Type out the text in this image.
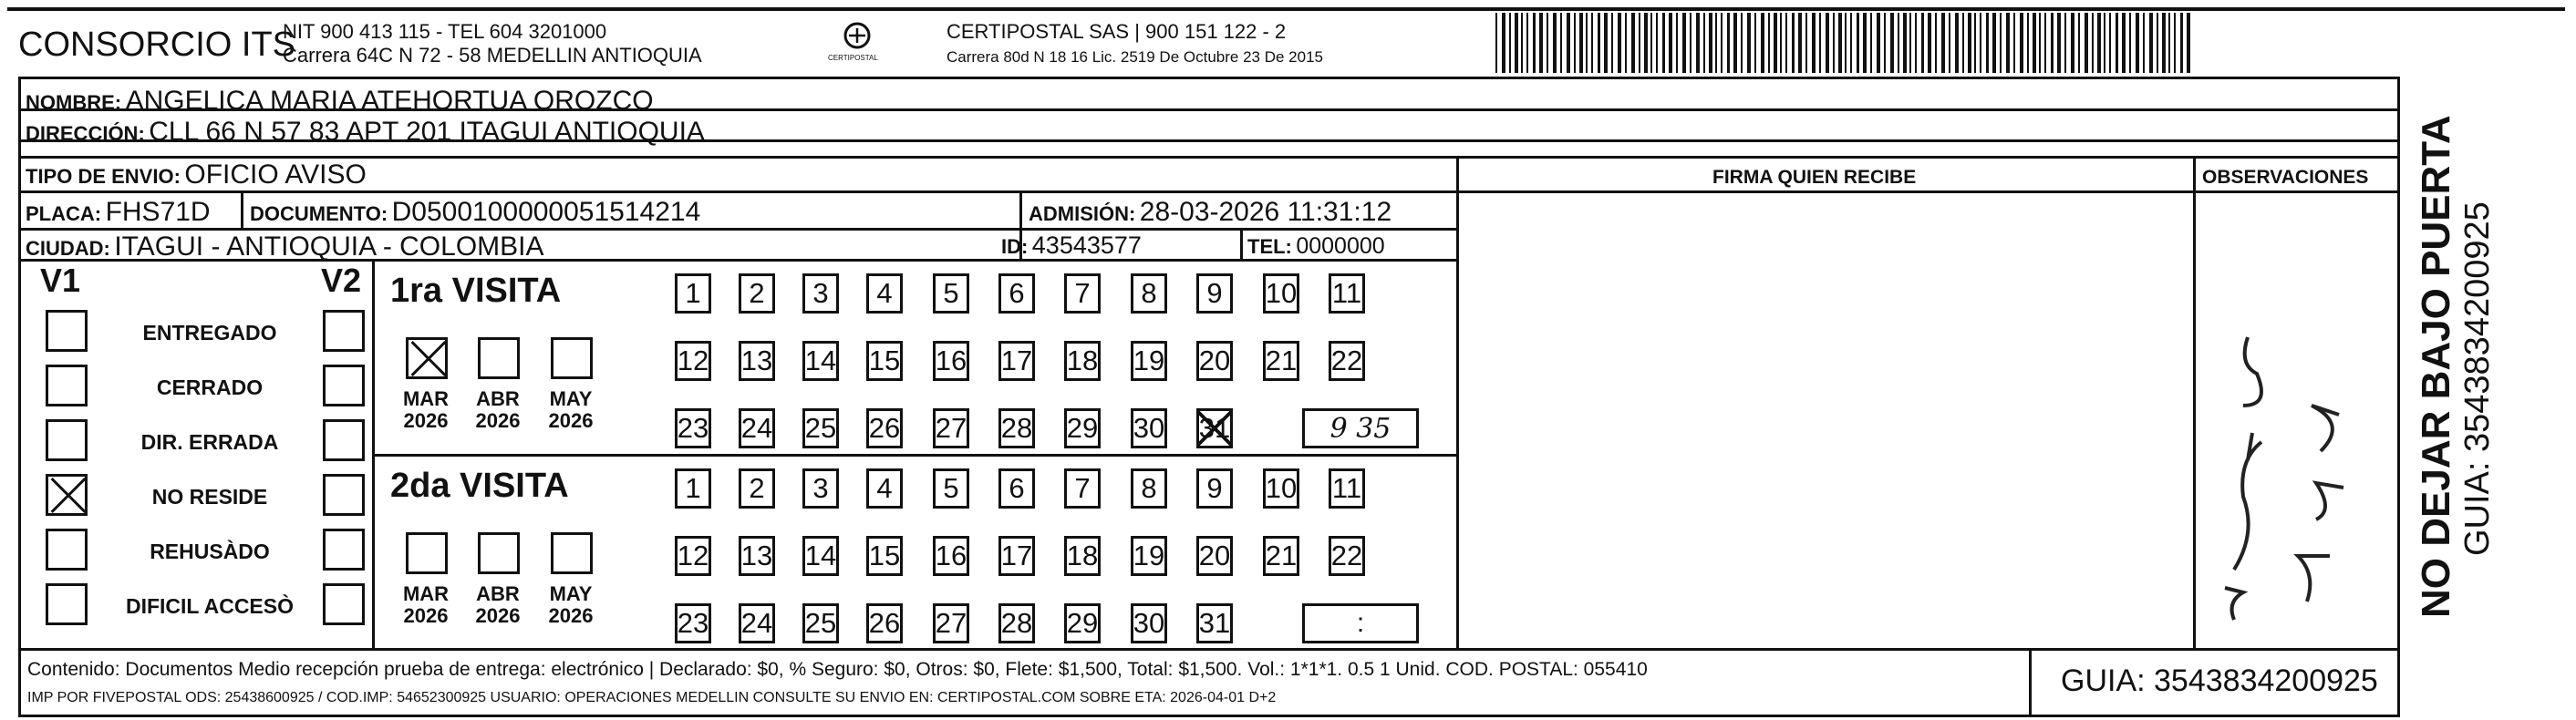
CONSORCIO ITS
NIT 900 413 115 - TEL 604 3201000
Carrera 64C N 72 - 58 MEDELLIN ANTIOQUIA	CERTIPOSTAL
CERTIPOSTAL SAS | 900 151 122 - 2
Carrera 80d N 18 16 Lic. 2519 De Octubre 23 De 2015
NOMBRE: ANGELICA MARIA ATEHORTUA OROZCO
DIRECCIÓN: CLL 66 N 57 83 APT 201 ITAGUI ANTIOQUIA
TIPO DE ENVIO: OFICIO AVISO	FIRMA QUIEN RECIBE	OBSERVACIONES
PLACA: FHS71D DOCUMENTO: D0500100000051514214	ADMISIÓN: 28-03-2026 11:31:12
CIUDAD: ITAGUI - ANTIOQUIA - COLOMBIA	ID: 43543577	TEL: 0000000
V1	V2
ENTREGADO
CERRADO
DIR. ERRADA
NO RESIDE
REHUSÀDO
DIFICIL ACCESÒ
1ra VISITA
2da VISITA
MAR
2026
ABR
2026
MAY
2026
MAR
2026
ABR
2026
MAY
2026
1	2	3	4	5	6	7	8	9	10 11
12 13 14 15 16 17 18 19 20 21 22
23 24 25 26 27 28 29 30 31
1	2	3	4	5	6	7	8	9	10 11
12 13 14 15 16 17 18 19 20 21 22
23 24 25 26 27 28 29 30 31
9 35
:
Contenido: Documentos Medio recepción prueba de entrega: electrónico | Declarado: $0, % Seguro: $0, Otros: $0, Flete: $1,500, Total: $1,500. Vol.: 1*1*1. 0.5 1 Unid. COD. POSTAL: 055410
IMP POR FIVEPOSTAL ODS: 25438600925 / COD.IMP: 54652300925 USUARIO: OPERACIONES MEDELLIN CONSULTE SU ENVIO EN: CERTIPOSTAL.COM SOBRE ETA: 2026-04-01 D+2	GUIA: 3543834200925
NO DEJAR BAJO PUERTA GUIA: 3543834200925
